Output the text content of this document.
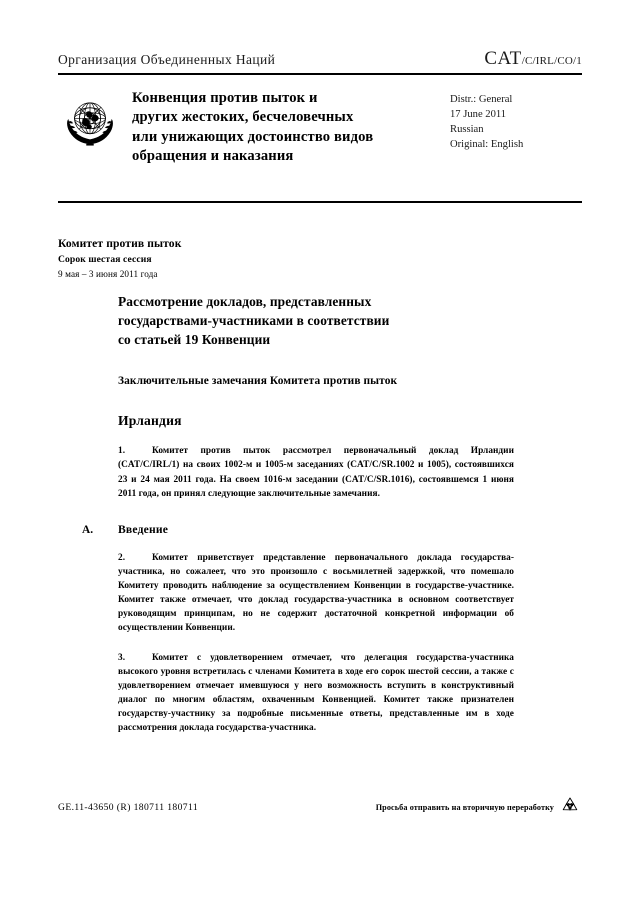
Организация Объединенных Наций	CAT/C/IRL/CO/1
Конвенция против пыток и
других жестоких, бесчеловечных
или унижающих достоинство видов
обращения и наказания
Distr.: General
17 June 2011
Russian
Original: English
Комитет против пыток
Сорок шестая сессия
9 мая – 3 июня 2011 года
Рассмотрение докладов, представленных
государствами-участниками в соответствии
со статьей 19 Конвенции
Заключительные замечания Комитета против пыток
Ирландия

1.	Комитет против пыток рассмотрел первоначальный доклад Ирландии (CAT/C/IRL/1) на своих 1002-м и 1005-м заседаниях (CAT/C/SR.1002 и 1005), состоявшихся 23 и 24 мая 2011 года. На своем 1016-м заседании (CAT/C/SR.1016), состоявшемся 1 июня 2011 года, он принял следующие заключительные замечания.

A.	Введение

2.	Комитет приветствует представление первоначального доклада государства-участника, но сожалеет, что это произошло с восьмилетней задержкой, что помешало Комитету проводить наблюдение за осуществлением Конвенции в государстве-участнике. Комитет также отмечает, что доклад государства-участника в основном соответствует руководящим принципам, но не содержит достаточной конкретной информации об осуществлении Конвенции.

3.	Комитет с удовлетворением отмечает, что делегация государства-участника высокого уровня встретилась с членами Комитета в ходе его сорок шестой сессии, а также с удовлетворением отмечает имевшуюся у него возможность вступить в конструктивный диалог по многим областям, охваченным Конвенцией. Комитет также признателен государству-участнику за подробные письменные ответы, представленные им в ходе рассмотрения доклада государства-участника.

GE.11-43650 (R) 180711 180711	Просьба отправить на вторичную переработку
